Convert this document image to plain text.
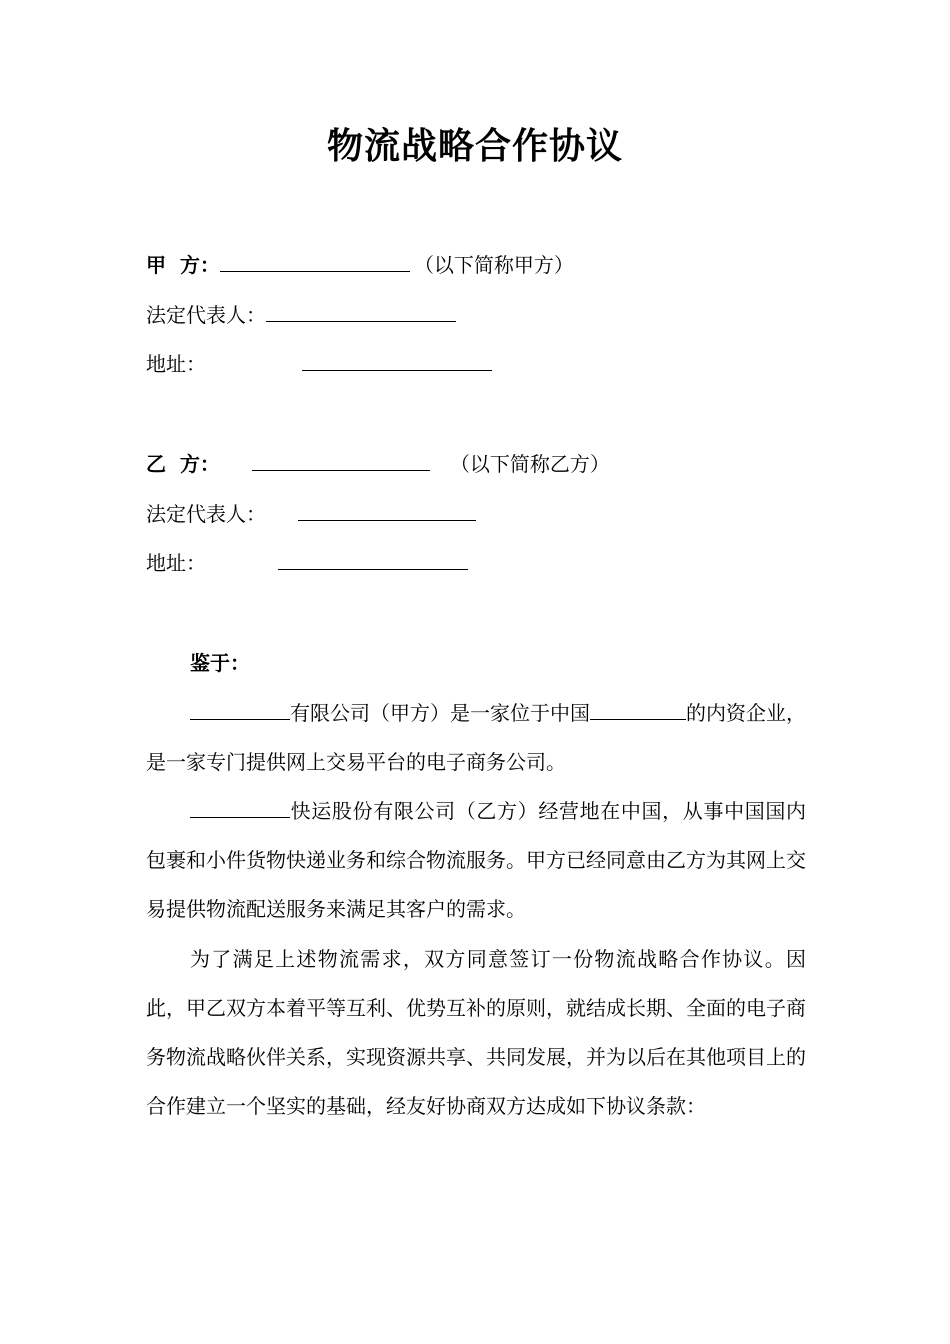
物流战略合作协议
甲  方：	（以下简称甲方）
法定代表人：
地址：
乙  方：	（以下简称乙方）
法定代表人：
地址：
鉴于：
有限公司（甲方）是一家位于中国	的内资企业，是一家专门提供网上交易平台的电子商务公司。
快运股份有限公司（乙方）经营地在中国，从事中国国内包裹和小件货物快递业务和综合物流服务。甲方已经同意由乙方为其网上交易提供物流配送服务来满足其客户的需求。
为了满足上述物流需求，双方同意签订一份物流战略合作协议。因此，甲乙双方本着平等互利、优势互补的原则，就结成长期、全面的电子商务物流战略伙伴关系，实现资源共享、共同发展，并为以后在其他项目上的合作建立一个坚实的基础，经友好协商双方达成如下协议条款：
